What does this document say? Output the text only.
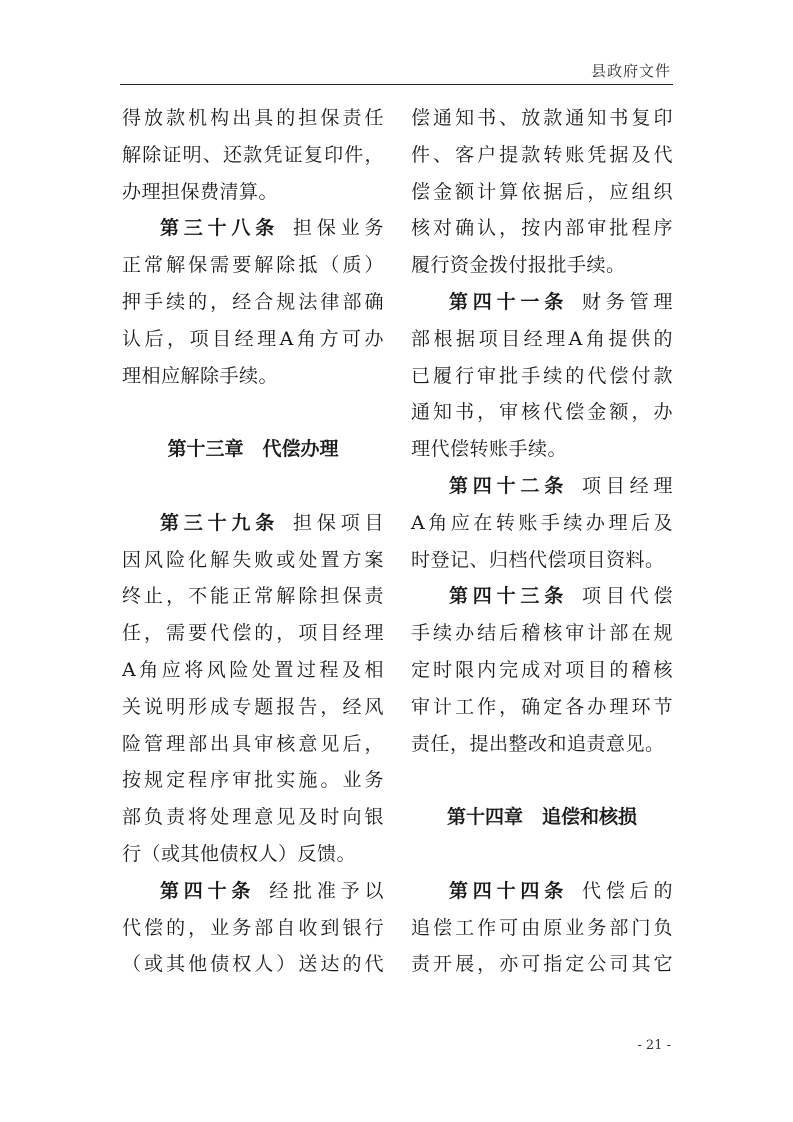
县政府文件
得放款机构出具的担保责任
解除证明、还款凭证复印件，
办理担保费清算。
第三十八条 担保业务
正常解保需要解除抵（质）
押手续的，经合规法律部确
认后，项目经理A角方可办
理相应解除手续。
第十三章　代偿办理
第三十九条 担保项目
因风险化解失败或处置方案
终止，不能正常解除担保责
任，需要代偿的，项目经理
A角应将风险处置过程及相
关说明形成专题报告，经风
险管理部出具审核意见后，
按规定程序审批实施。业务
部负责将处理意见及时向银
行（或其他债权人）反馈。
第四十条 经批准予以
代偿的，业务部自收到银行
（或其他债权人）送达的代
偿通知书、放款通知书复印
件、客户提款转账凭据及代
偿金额计算依据后，应组织
核对确认，按内部审批程序
履行资金拨付报批手续。
第四十一条 财务管理
部根据项目经理A角提供的
已履行审批手续的代偿付款
通知书，审核代偿金额，办
理代偿转账手续。
第四十二条 项目经理
A角应在转账手续办理后及
时登记、归档代偿项目资料。
第四十三条 项目代偿
手续办结后稽核审计部在规
定时限内完成对项目的稽核
审计工作，确定各办理环节
责任，提出整改和追责意见。
第十四章　追偿和核损
第四十四条 代偿后的
追偿工作可由原业务部门负
责开展，亦可指定公司其它
- 21 -
